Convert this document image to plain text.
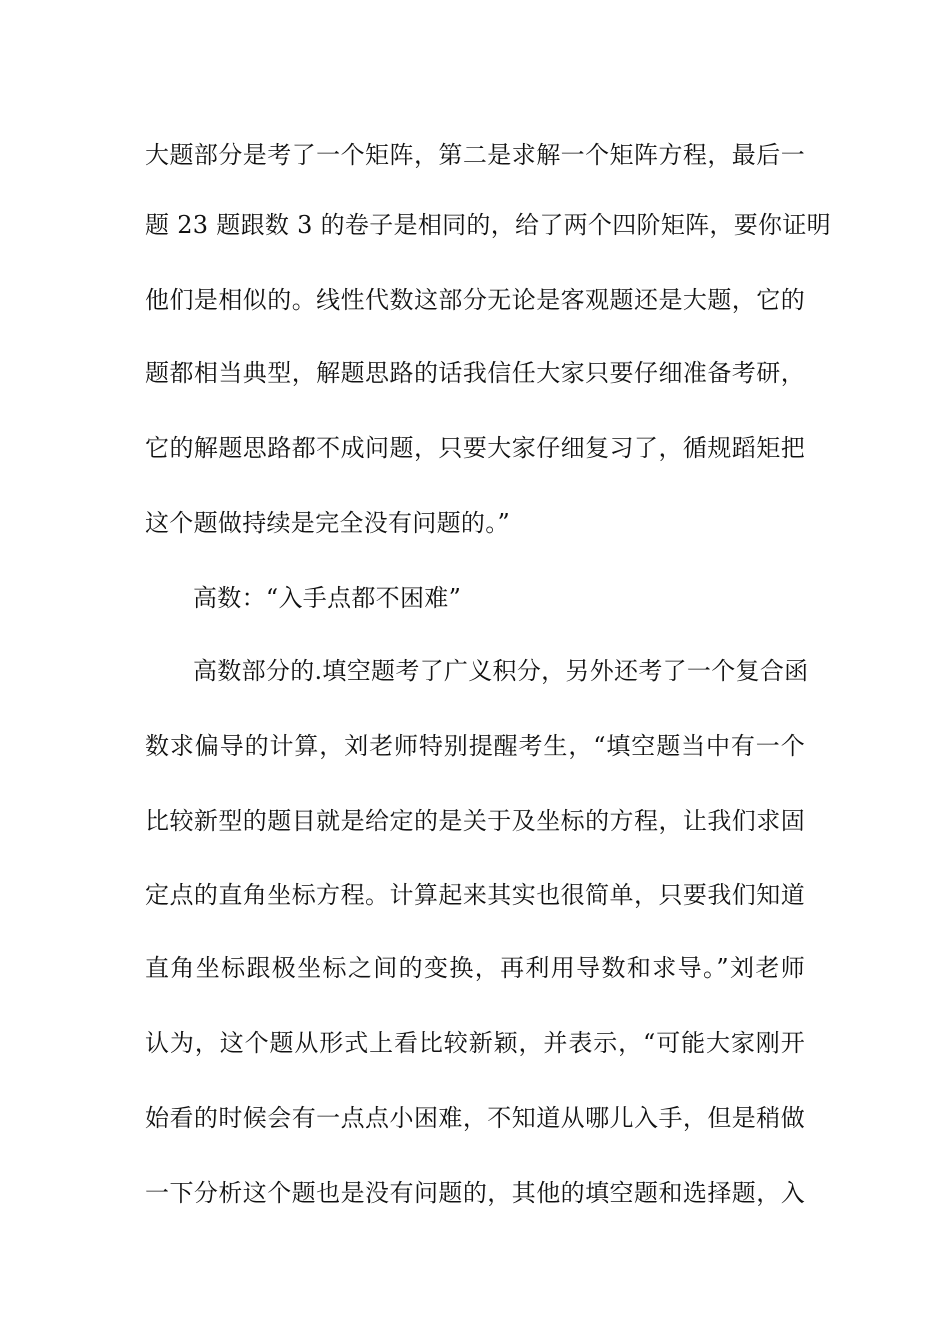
大题部分是考了一个矩阵，第二是求解一个矩阵方程，最后一
题 23 题跟数 3 的卷子是相同的，给了两个四阶矩阵，要你证明
他们是相似的。线性代数这部分无论是客观题还是大题，它的
题都相当典型，解题思路的话我信任大家只要仔细准备考研，
它的解题思路都不成问题，只要大家仔细复习了，循规蹈矩把
这个题做持续是完全没有问题的。”
高数：“入手点都不困难”
高数部分的.填空题考了广义积分，另外还考了一个复合函
数求偏导的计算，刘老师特别提醒考生，“填空题当中有一个
比较新型的题目就是给定的是关于及坐标的方程，让我们求固
定点的直角坐标方程。计算起来其实也很简单，只要我们知道
直角坐标跟极坐标之间的变换，再利用导数和求导。”刘老师
认为，这个题从形式上看比较新颖，并表示，“可能大家刚开
始看的时候会有一点点小困难，不知道从哪儿入手，但是稍做
一下分析这个题也是没有问题的，其他的填空题和选择题，入
